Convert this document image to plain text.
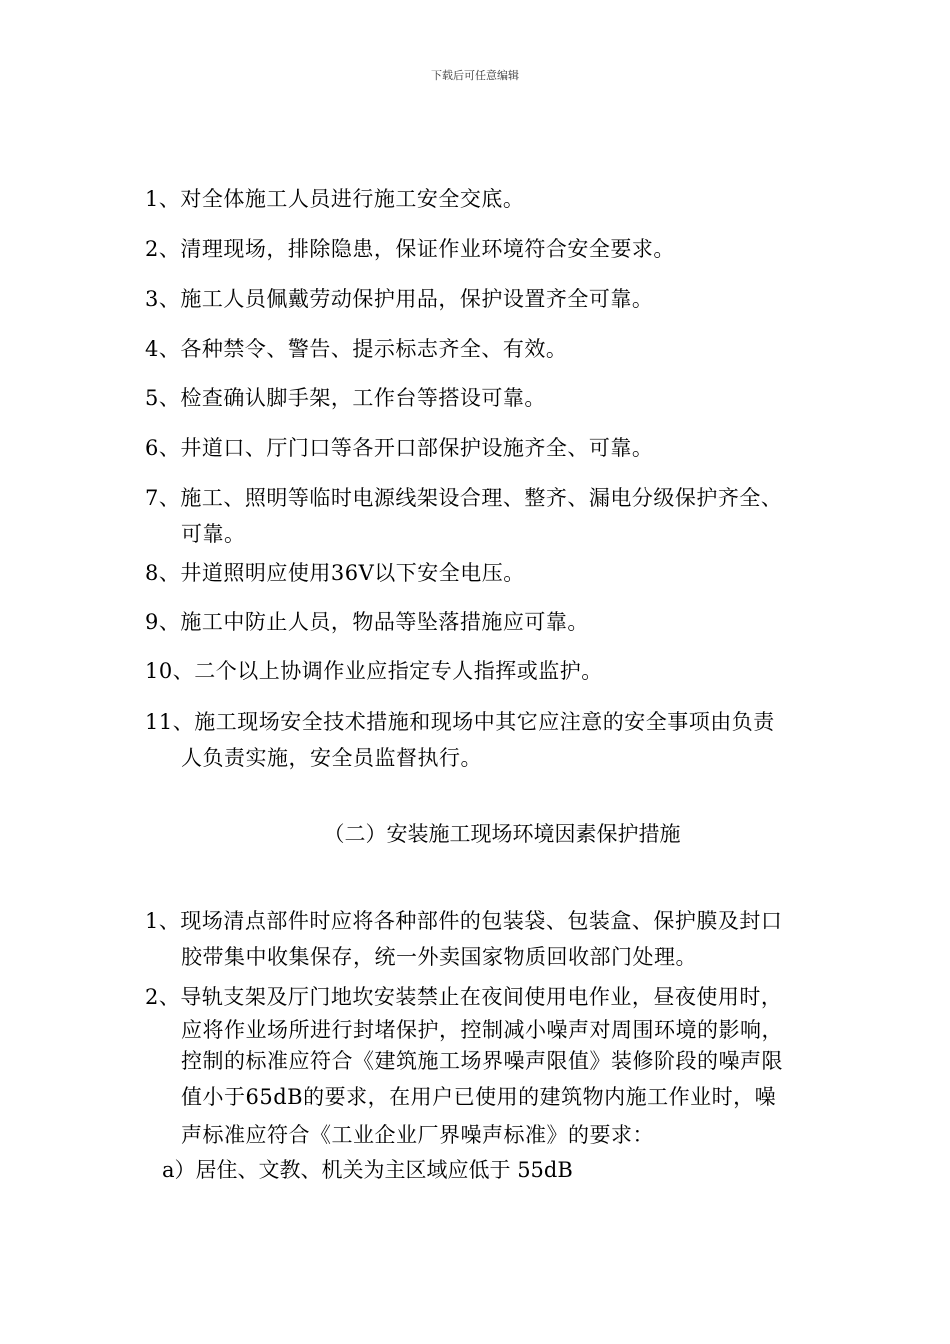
下载后可任意编辑
1、对全体施工人员进行施工安全交底。
2、清理现场，排除隐患，保证作业环境符合安全要求。
3、施工人员佩戴劳动保护用品，保护设置齐全可靠。
4、各种禁令、警告、提示标志齐全、有效。
5、检查确认脚手架，工作台等搭设可靠。
6、井道口、厅门口等各开口部保护设施齐全、可靠。
7、施工、照明等临时电源线架设合理、整齐、漏电分级保护齐全、
可靠。
8、井道照明应使用36V以下安全电压。
9、施工中防止人员，物品等坠落措施应可靠。
10、二个以上协调作业应指定专人指挥或监护。
11、施工现场安全技术措施和现场中其它应注意的安全事项由负责
人负责实施，安全员监督执行。
（二）安装施工现场环境因素保护措施
1、现场清点部件时应将各种部件的包装袋、包装盒、保护膜及封口
胶带集中收集保存，统一外卖国家物质回收部门处理。
2、导轨支架及厅门地坎安装禁止在夜间使用电作业，昼夜使用时，
应将作业场所进行封堵保护，控制减小噪声对周围环境的影响，
控制的标准应符合《建筑施工场界噪声限值》装修阶段的噪声限
值小于65dB的要求，在用户已使用的建筑物内施工作业时，噪
声标准应符合《工业企业厂界噪声标准》的要求：
a）居住、文教、机关为主区域应低于 55dB
